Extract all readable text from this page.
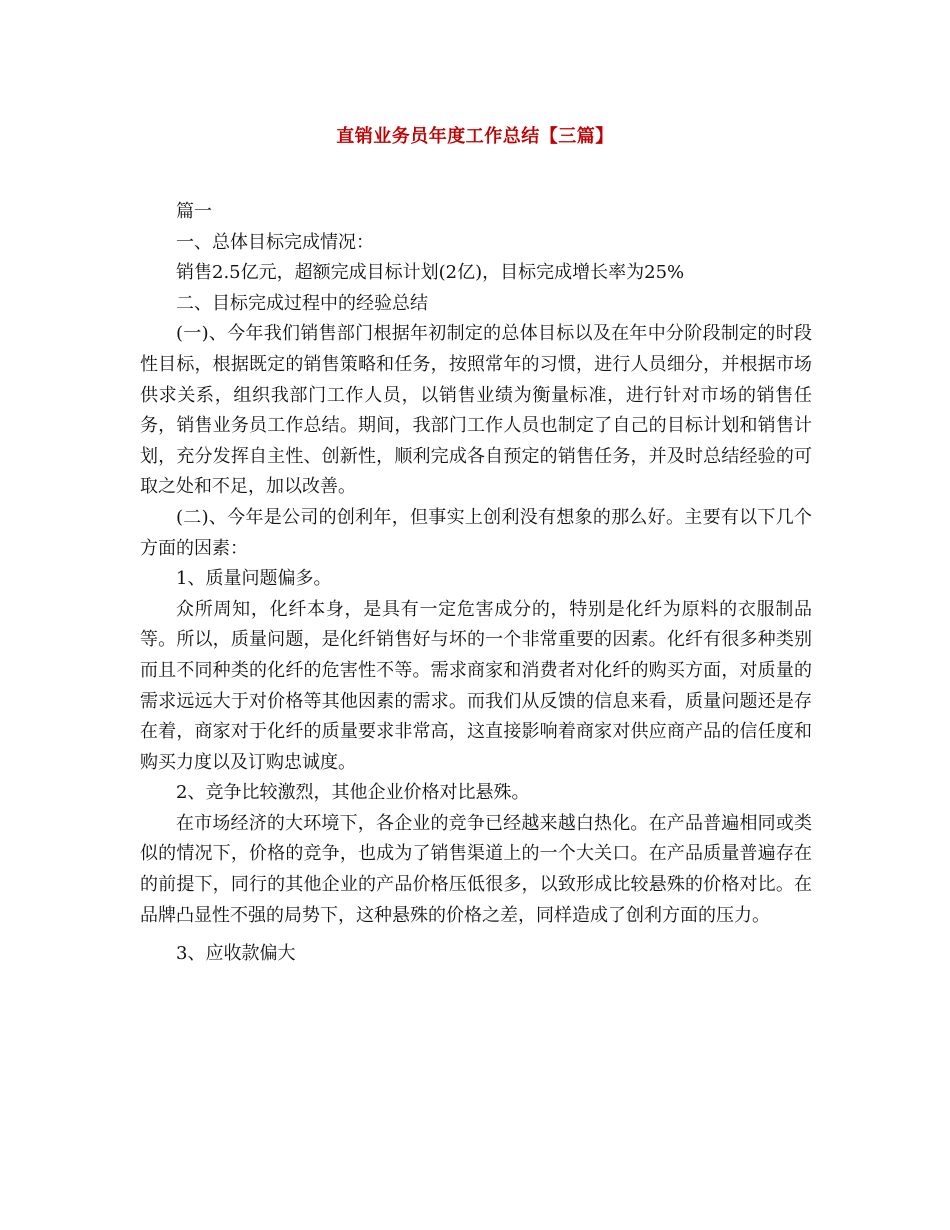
直销业务员年度工作总结【三篇】

篇一

一、总体目标完成情况：

销售2.5亿元，超额完成目标计划(2亿)，目标完成增长率为25%

二、目标完成过程中的经验总结

(一)、今年我们销售部门根据年初制定的总体目标以及在年中分阶段制定的时段性目标，根据既定的销售策略和任务，按照常年的习惯，进行人员细分，并根据市场供求关系，组织我部门工作人员，以销售业绩为衡量标准，进行针对市场的销售任务，销售业务员工作总结。期间，我部门工作人员也制定了自己的目标计划和销售计划，充分发挥自主性、创新性，顺利完成各自预定的销售任务，并及时总结经验的可取之处和不足，加以改善。

(二)、今年是公司的创利年，但事实上创利没有想象的那么好。主要有以下几个方面的因素：

1、质量问题偏多。

众所周知，化纤本身，是具有一定危害成分的，特别是化纤为原料的衣服制品等。所以，质量问题，是化纤销售好与坏的一个非常重要的因素。化纤有很多种类别而且不同种类的化纤的危害性不等。需求商家和消费者对化纤的购买方面，对质量的需求远远大于对价格等其他因素的需求。而我们从反馈的信息来看，质量问题还是存在着，商家对于化纤的质量要求非常高，这直接影响着商家对供应商产品的信任度和购买力度以及订购忠诚度。

2、竞争比较激烈，其他企业价格对比悬殊。

在市场经济的大环境下，各企业的竞争已经越来越白热化。在产品普遍相同或类似的情况下，价格的竞争，也成为了销售渠道上的一个大关口。在产品质量普遍存在的前提下，同行的其他企业的产品价格压低很多，以致形成比较悬殊的价格对比。在品牌凸显性不强的局势下，这种悬殊的价格之差，同样造成了创利方面的压力。

3、应收款偏大
